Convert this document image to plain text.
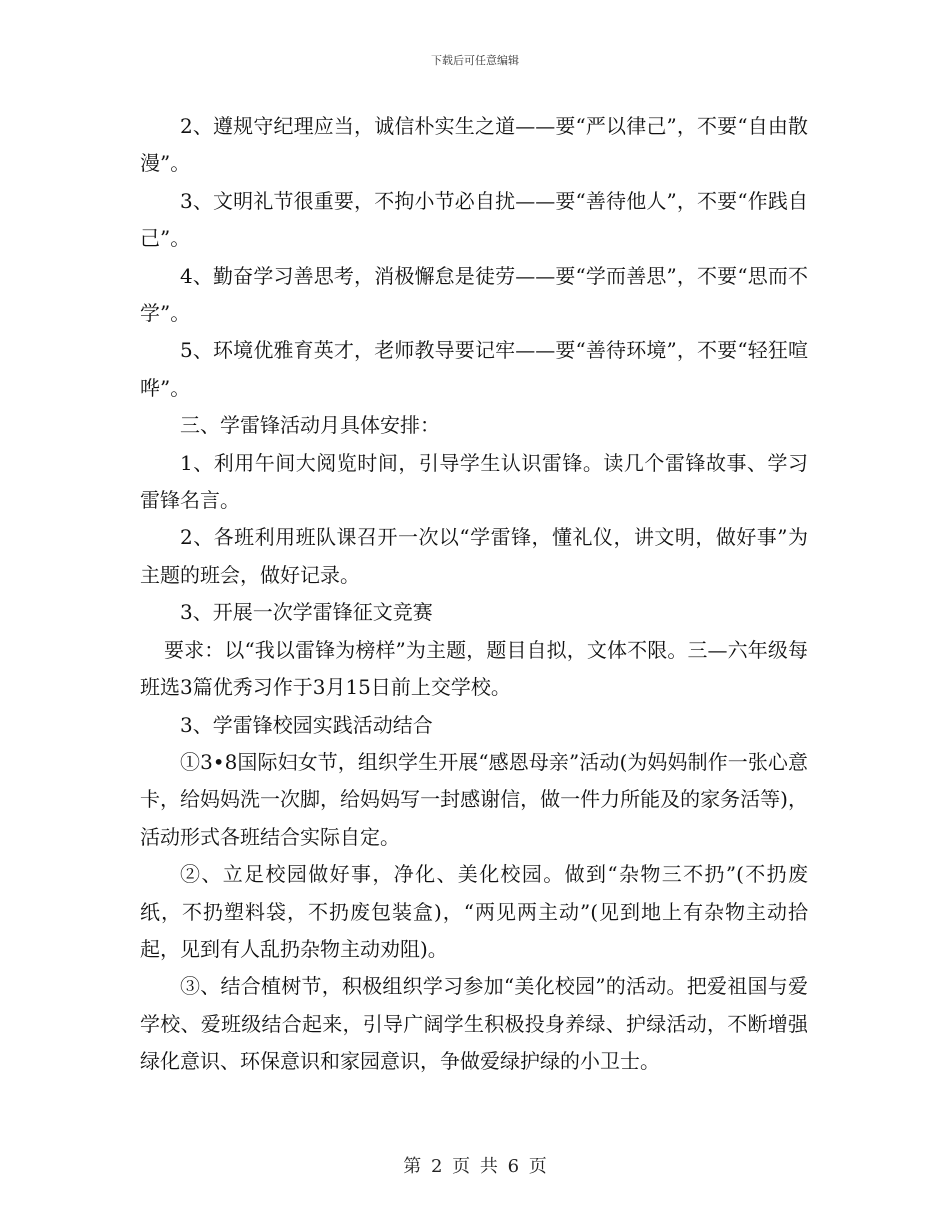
下载后可任意编辑

2、遵规守纪理应当，诚信朴实生之道——要“严以律己”，不要“自由散漫”。

3、文明礼节很重要，不拘小节必自扰——要“善待他人”，不要“作践自己”。

4、勤奋学习善思考，消极懈怠是徒劳——要“学而善思”，不要“思而不学”。

5、环境优雅育英才，老师教导要记牢——要“善待环境”，不要“轻狂喧哗”。

三、学雷锋活动月具体安排：

1、利用午间大阅览时间，引导学生认识雷锋。读几个雷锋故事、学习雷锋名言。

2、各班利用班队课召开一次以“学雷锋，懂礼仪，讲文明，做好事”为主题的班会，做好记录。

3、开展一次学雷锋征文竞赛

要求：以“我以雷锋为榜样”为主题，题目自拟，文体不限。三—六年级每班选3篇优秀习作于3月15日前上交学校。

3、学雷锋校园实践活动结合

①3•8国际妇女节，组织学生开展“感恩母亲”活动(为妈妈制作一张心意卡，给妈妈洗一次脚，给妈妈写一封感谢信，做一件力所能及的家务活等)，活动形式各班结合实际自定。

②、立足校园做好事，净化、美化校园。做到“杂物三不扔”(不扔废纸，不扔塑料袋，不扔废包装盒)，“两见两主动”(见到地上有杂物主动拾起，见到有人乱扔杂物主动劝阻)。

③、结合植树节，积极组织学习参加“美化校园”的活动。把爱祖国与爱学校、爱班级结合起来，引导广阔学生积极投身养绿、护绿活动，不断增强绿化意识、环保意识和家园意识，争做爱绿护绿的小卫士。

第 2 页 共 6 页
